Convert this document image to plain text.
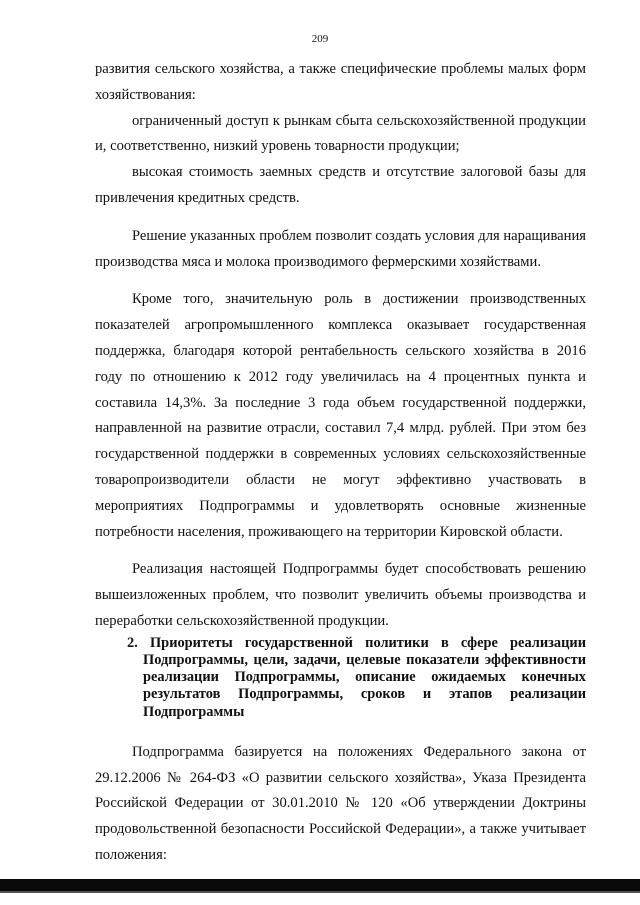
209

развития сельского хозяйства, а также специфические проблемы малых форм хозяйствования:

ограниченный доступ к рынкам сбыта сельскохозяйственной продукции и, соответственно, низкий уровень товарности продукции;

высокая стоимость заемных средств и отсутствие залоговой базы для привлечения кредитных средств.

Решение указанных проблем позволит создать условия для наращивания производства мяса и молока производимого фермерскими хозяйствами.

Кроме того, значительную роль в достижении производственных показателей агропромышленного комплекса оказывает государственная поддержка, благодаря которой рентабельность сельского хозяйства в 2016 году по отношению к 2012 году увеличилась на 4 процентных пункта и составила 14,3%. За последние 3 года объем государственной поддержки, направленной на развитие отрасли, составил 7,4 млрд. рублей. При этом без государственной поддержки в современных условиях сельскохозяйственные товаропроизводители области не могут эффективно участвовать в мероприятиях Подпрограммы и удовлетворять основные жизненные потребности населения, проживающего на территории Кировской области.

Реализация настоящей Подпрограммы будет способствовать решению вышеизложенных проблем, что позволит увеличить объемы производства и переработки сельскохозяйственной продукции.

2. Приоритеты государственной политики в сфере реализации Подпрограммы, цели, задачи, целевые показатели эффективности реализации Подпрограммы, описание ожидаемых конечных результатов Подпрограммы, сроков и этапов реализации Подпрограммы

Подпрограмма базируется на положениях Федерального закона от 29.12.2006 № 264-ФЗ «О развитии сельского хозяйства», Указа Президента Российской Федерации от 30.01.2010 № 120 «Об утверждении Доктрины продовольственной безопасности Российской Федерации», а также учитывает положения:
